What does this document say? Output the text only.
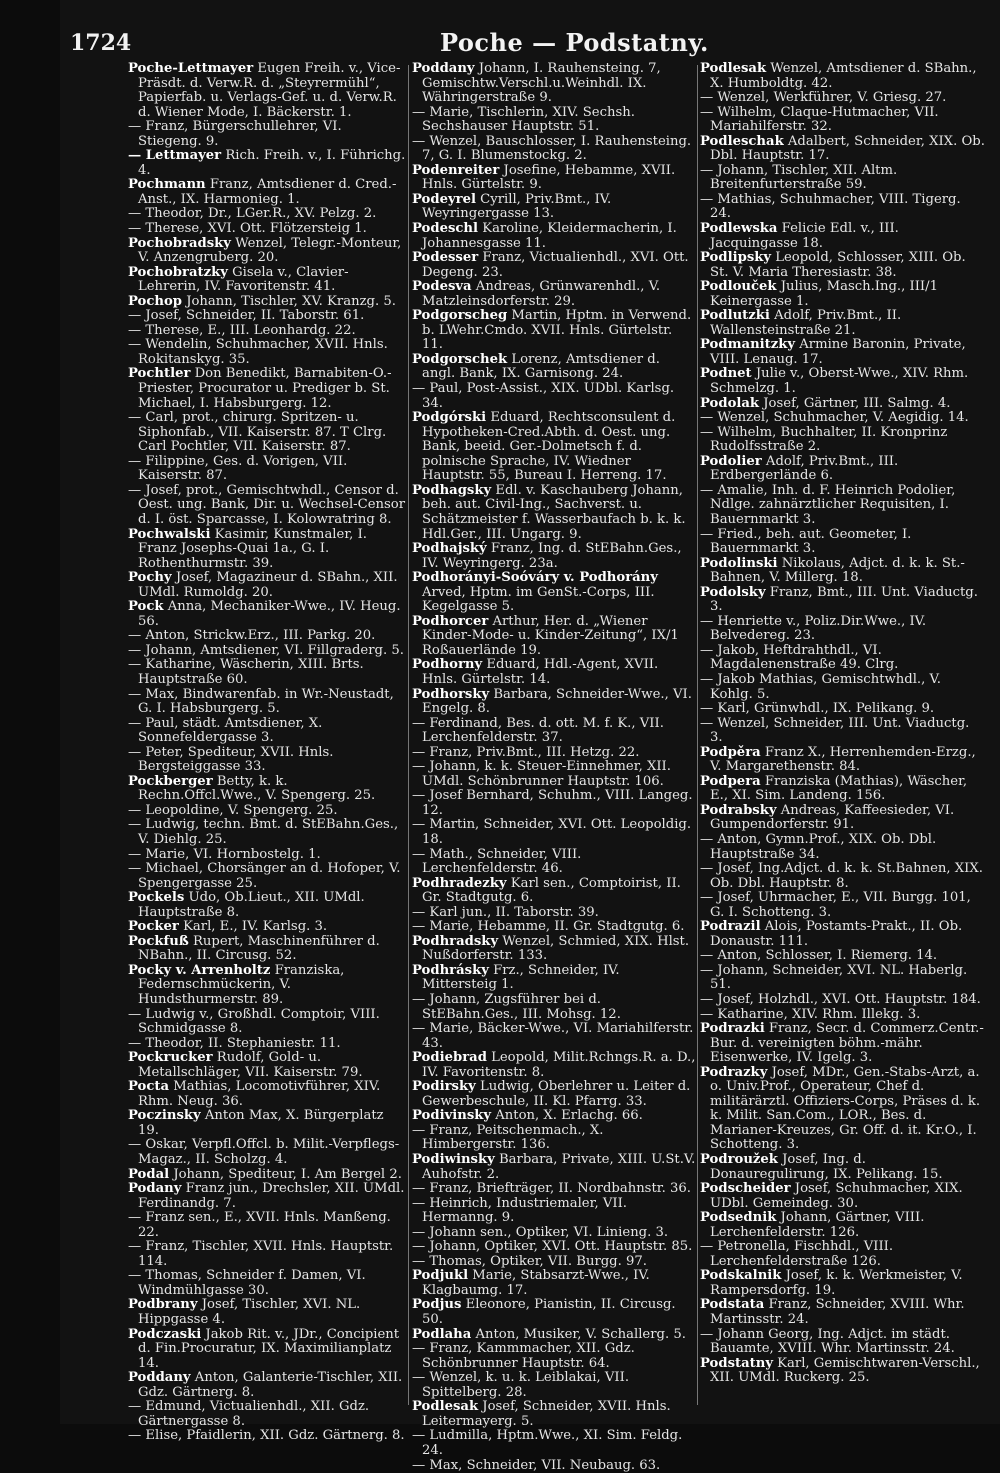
1724	Poche — Podstatny.

Poche-Lettmayer Eugen Freih. v., Vice-Präsdt. d. Verw.R. d. „Steyrermühl“, Papierfab. u. Verlags-Gef. u. d. Verw.R. d. Wiener Mode, I. Bäckerstr. 1.

— Franz, Bürgerschullehrer, VI. Stiegeng. 9.

— Lettmayer Rich. Freih. v., I. Führichg. 4.

Pochmann Franz, Amtsdiener d. Cred.-Anst., IX. Harmonieg. 1.

— Theodor, Dr., LGer.R., XV. Pelzg. 2.

— Therese, XVI. Ott. Flötzersteig 1.

Pochobradsky Wenzel, Telegr.-Monteur, V. Anzengruberg. 20.

Pochobratzky Gisela v., Clavier-Lehrerin, IV. Favoritenstr. 41.

Pochop Johann, Tischler, XV. Kranzg. 5.

— Josef, Schneider, II. Taborstr. 61.

— Therese, E., III. Leonhardg. 22.

— Wendelin, Schuhmacher, XVII. Hnls. Rokitanskyg. 35.

Pochtler Don Benedikt, Barnabiten-O.-Priester, Procurator u. Prediger b. St. Michael, I. Habsburgerg. 12.

— Carl, prot., chirurg. Spritzen- u. Siphonfab., VII. Kaiserstr. 87. T Clrg. Carl Pochtler, VII. Kaiserstr. 87.

— Filippine, Ges. d. Vorigen, VII. Kaiserstr. 87.

— Josef, prot., Gemischtwhdl., Censor d. Oest. ung. Bank, Dir. u. Wechsel-Censor d. I. öst. Sparcasse, I. Kolowratring 8.

Pochwalski Kasimir, Kunstmaler, I. Franz Josephs-Quai 1a., G. I. Rothenthurmstr. 39.

Pochy Josef, Magazineur d. SBahn., XII. UMdl. Rumoldg. 20.

Pock Anna, Mechaniker-Wwe., IV. Heug. 56.

— Anton, Strickw.Erz., III. Parkg. 20.

— Johann, Amtsdiener, VI. Fillgraderg. 5.

— Katharine, Wäscherin, XIII. Brts. Hauptstraße 60.

— Max, Bindwarenfab. in Wr.-Neustadt, G. I. Habsburgerg. 5.

— Paul, städt. Amtsdiener, X. Sonnefeldergasse 3.

— Peter, Spediteur, XVII. Hnls. Bergsteiggasse 33.

Pockberger Betty, k. k. Rechn.Offcl.Wwe., V. Spengerg. 25.

— Leopoldine, V. Spengerg. 25.

— Ludwig, techn. Bmt. d. StEBahn.Ges., V. Diehlg. 25.

— Marie, VI. Hornbostelg. 1.

— Michael, Chorsänger an d. Hofoper, V. Spengergasse 25.

Pockels Udo, Ob.Lieut., XII. UMdl. Hauptstraße 8.

Pocker Karl, E., IV. Karlsg. 3.

Pockfuß Rupert, Maschinenführer d. NBahn., II. Circusg. 52.

Pocky v. Arrenholtz Franziska, Federnschmückerin, V. Hundsthurmerstr. 89.

— Ludwig v., Großhdl. Comptoir, VIII. Schmidgasse 8.

— Theodor, II. Stephaniestr. 11.

Pockrucker Rudolf, Gold- u. Metallschläger, VII. Kaiserstr. 79.

Pocta Mathias, Locomotivführer, XIV. Rhm. Neug. 36.

Poczinsky Anton Max, X. Bürgerplatz 19.

— Oskar, Verpfl.Offcl. b. Milit.-Verpflegs-Magaz., II. Scholzg. 4.

Podal Johann, Spediteur, I. Am Bergel 2.

Podany Franz jun., Drechsler, XII. UMdl. Ferdinandg. 7.

— Franz sen., E., XVII. Hnls. Manßeng. 22.

— Franz, Tischler, XVII. Hnls. Hauptstr. 114.

— Thomas, Schneider f. Damen, VI. Windmühlgasse 30.

Podbrany Josef, Tischler, XVI. NL. Hippgasse 4.

Podczaski Jakob Rit. v., JDr., Concipient d. Fin.Procuratur, IX. Maximilianplatz 14.

Poddany Anton, Galanterie-Tischler, XII. Gdz. Gärtnerg. 8.

— Edmund, Victualienhdl., XII. Gdz. Gärtnergasse 8.

— Elise, Pfaidlerin, XII. Gdz. Gärtnerg. 8.

Poddany Johann, I. Rauhensteing. 7, Gemischtw.Verschl.u.Weinhdl. IX. Währingerstraße 9.

— Marie, Tischlerin, XIV. Sechsh. Sechshauser Hauptstr. 51.

— Wenzel, Bauschlosser, I. Rauhensteing. 7, G. I. Blumenstockg. 2.

Podenreiter Josefine, Hebamme, XVII. Hnls. Gürtelstr. 9.

Podeyrel Cyrill, Priv.Bmt., IV. Weyringergasse 13.

Podeschl Karoline, Kleidermacherin, I. Johannesgasse 11.

Podesser Franz, Victualienhdl., XVI. Ott. Degeng. 23.

Podesva Andreas, Grünwarenhdl., V. Matzleinsdorferstr. 29.

Podgorscheg Martin, Hptm. in Verwend. b. LWehr.Cmdo. XVII. Hnls. Gürtelstr. 11.

Podgorschek Lorenz, Amtsdiener d. angl. Bank, IX. Garnisong. 24.

— Paul, Post-Assist., XIX. UDbl. Karlsg. 34.

Podgórski Eduard, Rechtsconsulent d. Hypotheken-Cred.Abth. d. Oest. ung. Bank, beeid. Ger.-Dolmetsch f. d. polnische Sprache, IV. Wiedner Hauptstr. 55, Bureau I. Herreng. 17.

Podhagsky Edl. v. Kaschauberg Johann, beh. aut. Civil-Ing., Sachverst. u. Schätzmeister f. Wasserbaufach b. k. k. Hdl.Ger., III. Ungarg. 9.

Podhajský Franz, Ing. d. StEBahn.Ges., IV. Weyringerg. 23a.

Podhorányi-Soóváry v. Podhorány Arved, Hptm. im GenSt.-Corps, III. Kegelgasse 5.

Podhorcer Arthur, Her. d. „Wiener Kinder-Mode- u. Kinder-Zeitung“, IX/1 Roßauerlände 19.

Podhorny Eduard, Hdl.-Agent, XVII. Hnls. Gürtelstr. 14.

Podhorsky Barbara, Schneider-Wwe., VI. Engelg. 8.

— Ferdinand, Bes. d. ott. M. f. K., VII. Lerchenfelderstr. 37.

— Franz, Priv.Bmt., III. Hetzg. 22.

— Johann, k. k. Steuer-Einnehmer, XII. UMdl. Schönbrunner Hauptstr. 106.

— Josef Bernhard, Schuhm., VIII. Langeg. 12.

— Martin, Schneider, XVI. Ott. Leopoldig. 18.

— Math., Schneider, VIII. Lerchenfelderstr. 46.

Podhradezky Karl sen., Comptoirist, II. Gr. Stadtgutg. 6.

— Karl jun., II. Taborstr. 39.

— Marie, Hebamme, II. Gr. Stadtgutg. 6.

Podhradsky Wenzel, Schmied, XIX. Hlst. Nußdorferstr. 133.

Podhrásky Frz., Schneider, IV. Mittersteig 1.

— Johann, Zugsführer bei d. StEBahn.Ges., III. Mohsg. 12.

— Marie, Bäcker-Wwe., VI. Mariahilferstr. 43.

Podiebrad Leopold, Milit.Rchngs.R. a. D., IV. Favoritenstr. 8.

Podirsky Ludwig, Oberlehrer u. Leiter d. Gewerbeschule, II. Kl. Pfarrg. 33.

Podivinsky Anton, X. Erlachg. 66.

— Franz, Peitschenmach., X. Himbergerstr. 136.

Podiwinsky Barbara, Private, XIII. U.St.V. Auhofstr. 2.

— Franz, Briefträger, II. Nordbahnstr. 36.

— Heinrich, Industriemaler, VII. Hermanng. 9.

— Johann sen., Optiker, VI. Linieng. 3.

— Johann, Optiker, XVI. Ott. Hauptstr. 85.

— Thomas, Optiker, VII. Burgg. 97.

Podjukl Marie, Stabsarzt-Wwe., IV. Klagbaumg. 17.

Podjus Eleonore, Pianistin, II. Circusg. 50.

Podlaha Anton, Musiker, V. Schallerg. 5.

— Franz, Kammmacher, XII. Gdz. Schönbrunner Hauptstr. 64.

— Wenzel, k. u. k. Leiblakai, VII. Spittelberg. 28.

Podlesak Josef, Schneider, XVII. Hnls. Leitermayerg. 5.

— Ludmilla, Hptm.Wwe., XI. Sim. Feldg. 24.

— Max, Schneider, VII. Neubaug. 63.

Podlesak Wenzel, Amtsdiener d. SBahn., X. Humboldtg. 42.

— Wenzel, Werkführer, V. Griesg. 27.

— Wilhelm, Claque-Hutmacher, VII. Mariahilferstr. 32.

Podleschak Adalbert, Schneider, XIX. Ob. Dbl. Hauptstr. 17.

— Johann, Tischler, XII. Altm. Breitenfurterstraße 59.

— Mathias, Schuhmacher, VIII. Tigerg. 24.

Podlewska Felicie Edl. v., III. Jacquingasse 18.

Podlipsky Leopold, Schlosser, XIII. Ob. St. V. Maria Theresiastr. 38.

Podlouček Julius, Masch.Ing., III/1 Keinergasse 1.

Podlutzki Adolf, Priv.Bmt., II. Wallensteinstraße 21.

Podmanitzky Armine Baronin, Private, VIII. Lenaug. 17.

Podnet Julie v., Oberst-Wwe., XIV. Rhm. Schmelzg. 1.

Podolak Josef, Gärtner, III. Salmg. 4.

— Wenzel, Schuhmacher, V. Aegidig. 14.

— Wilhelm, Buchhalter, II. Kronprinz Rudolfsstraße 2.

Podolier Adolf, Priv.Bmt., III. Erdbergerlände 6.

— Amalie, Inh. d. F. Heinrich Podolier, Ndlge. zahnärztlicher Requisiten, I. Bauernmarkt 3.

— Fried., beh. aut. Geometer, I. Bauernmarkt 3.

Podolinski Nikolaus, Adjct. d. k. k. St.-Bahnen, V. Millerg. 18.

Podolsky Franz, Bmt., III. Unt. Viaductg. 3.

— Henriette v., Poliz.Dir.Wwe., IV. Belvedereg. 23.

— Jakob, Heftdrahthdl., VI. Magdalenenstraße 49. Clrg.

— Jakob Mathias, Gemischtwhdl., V. Kohlg. 5.

— Karl, Grünwhdl., IX. Pelikang. 9.

— Wenzel, Schneider, III. Unt. Viaductg. 3.

Podpěra Franz X., Herrenhemden-Erzg., V. Margarethenstr. 84.

Podpera Franziska (Mathias), Wäscher, E., XI. Sim. Landeng. 156.

Podrabsky Andreas, Kaffeesieder, VI. Gumpendorferstr. 91.

— Anton, Gymn.Prof., XIX. Ob. Dbl. Hauptstraße 34.

— Josef, Ing.Adjct. d. k. k. St.Bahnen, XIX. Ob. Dbl. Hauptstr. 8.

— Josef, Uhrmacher, E., VII. Burgg. 101, G. I. Schotteng. 3.

Podrazil Alois, Postamts-Prakt., II. Ob. Donaustr. 111.

— Anton, Schlosser, I. Riemerg. 14.

— Johann, Schneider, XVI. NL. Haberlg. 51.

— Josef, Holzhdl., XVI. Ott. Hauptstr. 184.

— Katharine, XIV. Rhm. Illekg. 3.

Podrazki Franz, Secr. d. Commerz.Centr.-Bur. d. vereinigten böhm.-mähr. Eisenwerke, IV. Igelg. 3.

Podrazky Josef, MDr., Gen.-Stabs-Arzt, a. o. Univ.Prof., Operateur, Chef d. militärärztl. Offiziers-Corps, Präses d. k. k. Milit. San.Com., LOR., Bes. d. Marianer-Kreuzes, Gr. Off. d. it. Kr.O., I. Schotteng. 3.

Podroužek Josef, Ing. d. Donauregulirung, IX. Pelikang. 15.

Podscheider Josef, Schuhmacher, XIX. UDbl. Gemeindeg. 30.

Podsednik Johann, Gärtner, VIII. Lerchenfelderstr. 126.

— Petronella, Fischhdl., VIII. Lerchenfelderstraße 126.

Podskalnik Josef, k. k. Werkmeister, V. Rampersdorfg. 19.

Podstata Franz, Schneider, XVIII. Whr. Martinsstr. 24.

— Johann Georg, Ing. Adjct. im städt. Bauamte, XVIII. Whr. Martinsstr. 24.

Podstatny Karl, Gemischtwaren-Verschl., XII. UMdl. Ruckerg. 25.
